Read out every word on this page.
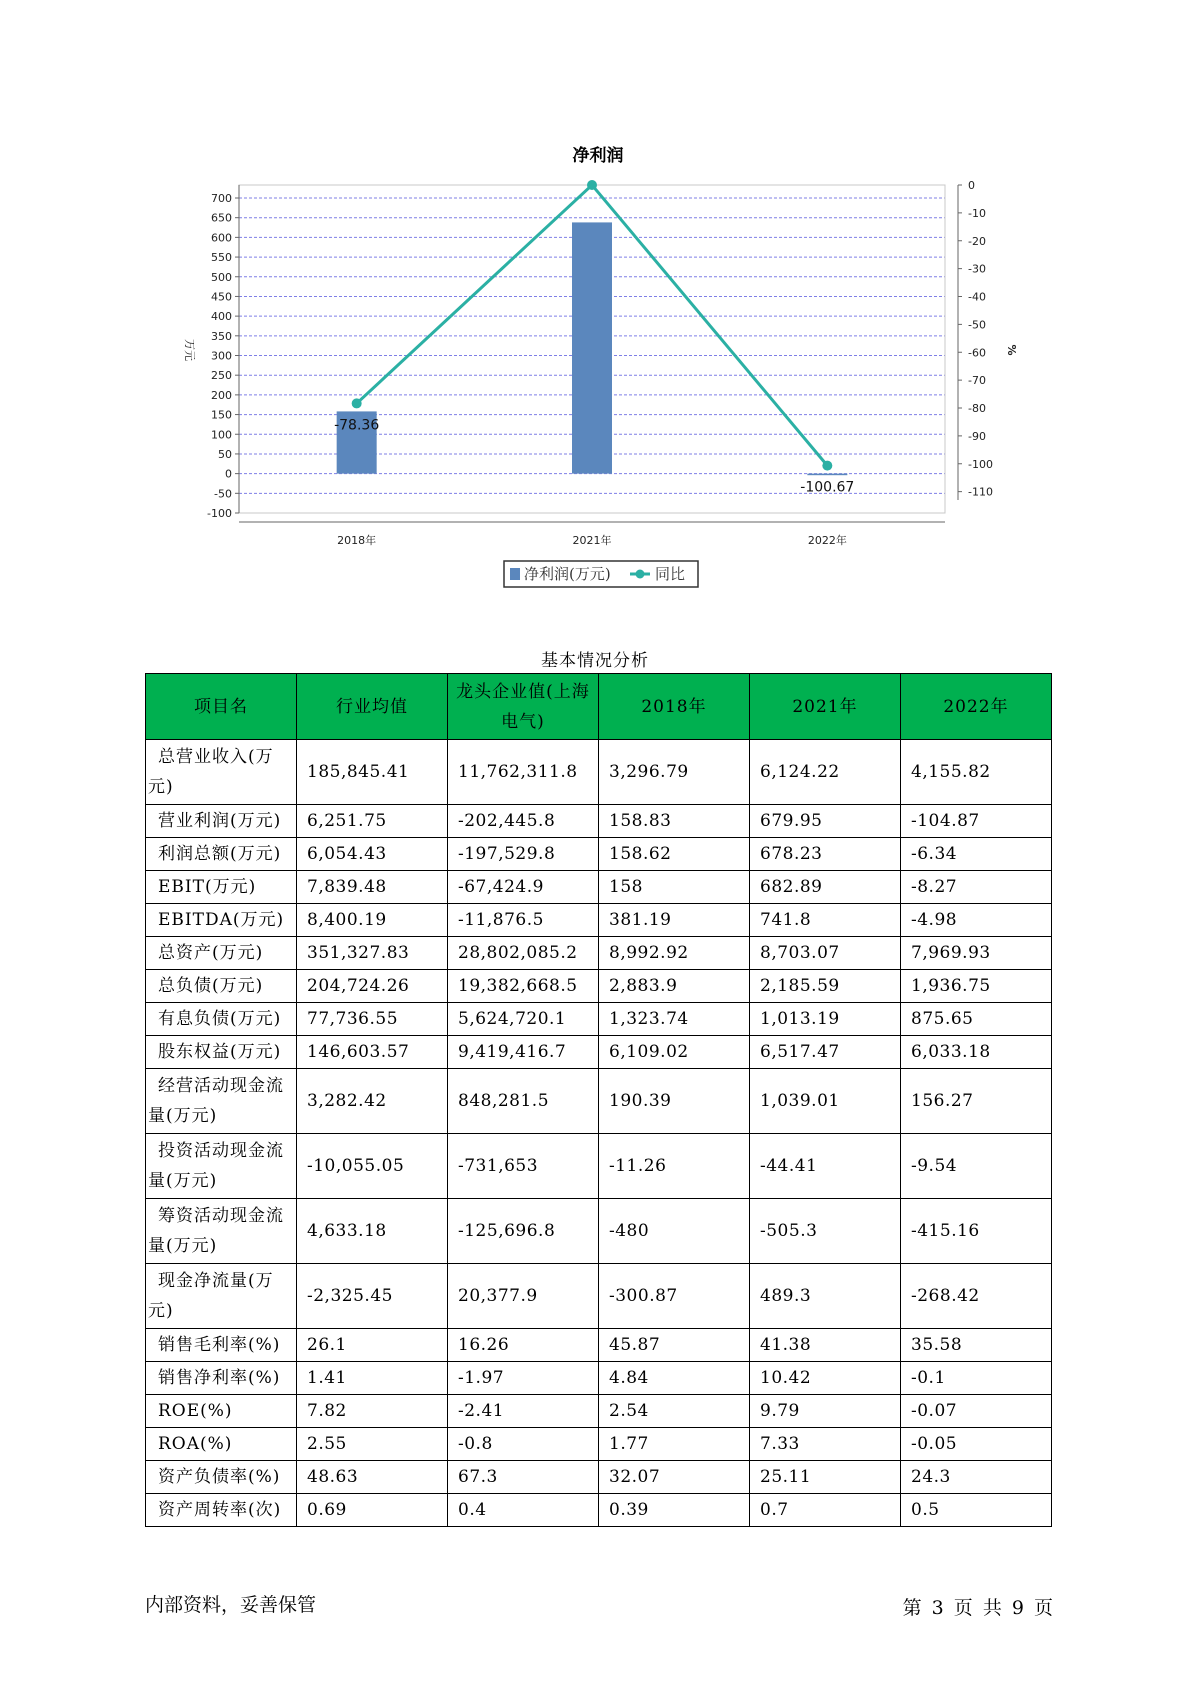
净利润
700
650
600
550
500
450
400
350
300
250
200
150
100
50
0
-50
-100
0
-10
-20
-30
-40
-50
-60
-70
-80
-90
-100
-110
2018年	2021年	2022年
-78.36
-100.67
万元	%
净利润(万元)	同比
基本情况分析
项目名	行业均值	龙头企业值(上海电气)	2018年	2021年	2022年
总营业收入(万元)	185,845.41	11,762,311.8	3,296.79	6,124.22	4,155.82
营业利润(万元)	6,251.75	-202,445.8	158.83	679.95	-104.87
利润总额(万元)	6,054.43	-197,529.8	158.62	678.23	-6.34
EBIT(万元)	7,839.48	-67,424.9	158	682.89	-8.27
EBITDA(万元)	8,400.19	-11,876.5	381.19	741.8	-4.98
总资产(万元)	351,327.83	28,802,085.2	8,992.92	8,703.07	7,969.93
总负债(万元)	204,724.26	19,382,668.5	2,883.9	2,185.59	1,936.75
有息负债(万元)	77,736.55	5,624,720.1	1,323.74	1,013.19	875.65
股东权益(万元)	146,603.57	9,419,416.7	6,109.02	6,517.47	6,033.18
经营活动现金流量(万元)	3,282.42	848,281.5	190.39	1,039.01	156.27
投资活动现金流量(万元)	-10,055.05	-731,653	-11.26	-44.41	-9.54
筹资活动现金流量(万元)	4,633.18	-125,696.8	-480	-505.3	-415.16
现金净流量(万元)	-2,325.45	20,377.9	-300.87	489.3	-268.42
销售毛利率(%)	26.1	16.26	45.87	41.38	35.58
销售净利率(%)	1.41	-1.97	4.84	10.42	-0.1
ROE(%)	7.82	-2.41	2.54	9.79	-0.07
ROA(%)	2.55	-0.8	1.77	7.33	-0.05
资产负债率(%)	48.63	67.3	32.07	25.11	24.3
资产周转率(次)	0.69	0.4	0.39	0.7	0.5
内部资料，妥善保管	第 3 页 共 9 页
